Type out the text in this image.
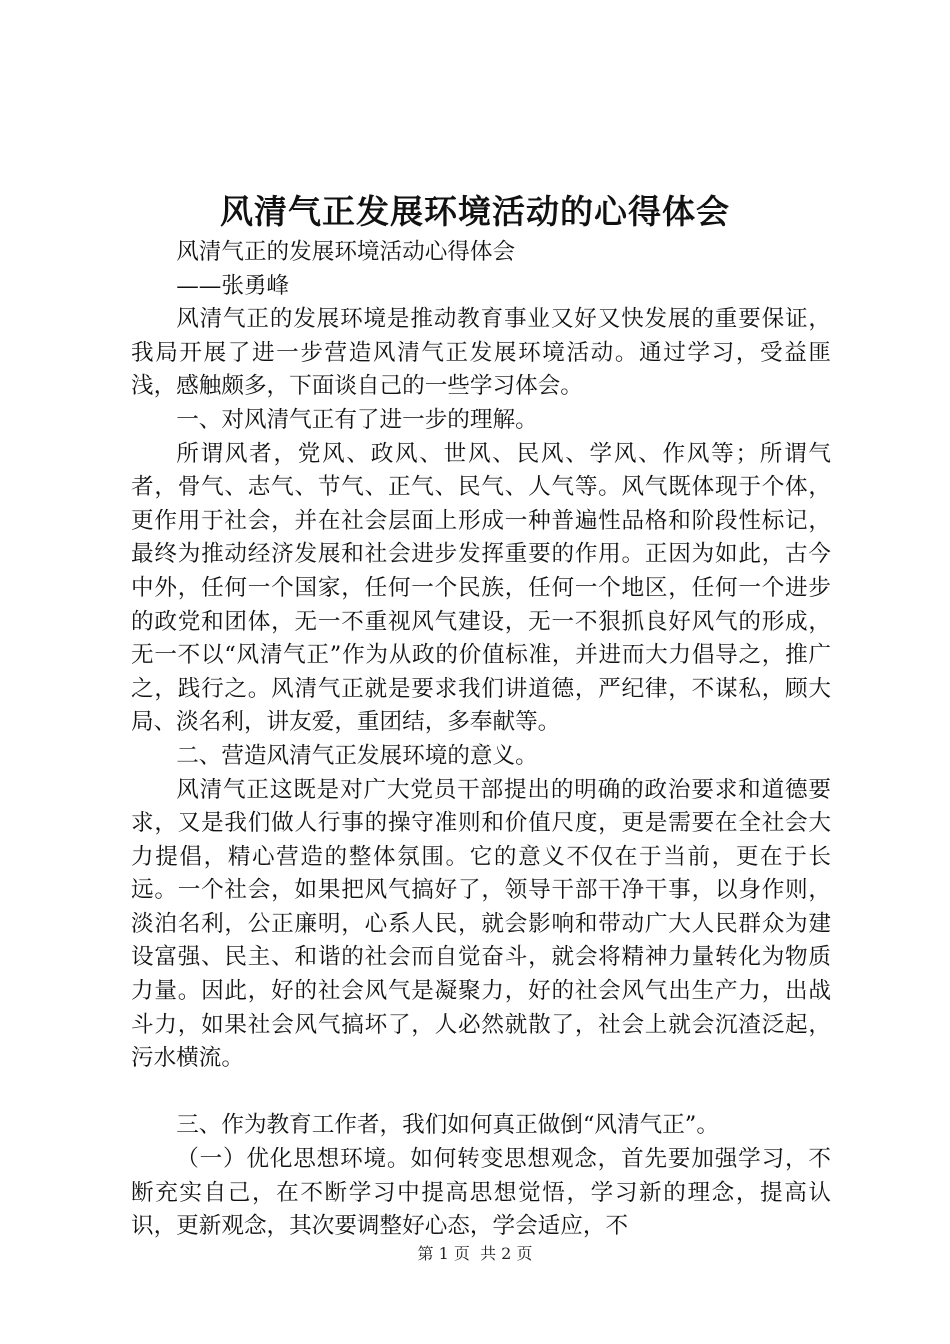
风清气正发展环境活动的心得体会

风清气正的发展环境活动心得体会

——张勇峰

风清气正的发展环境是推动教育事业又好又快发展的重要保证，我局开展了进一步营造风清气正发展环境活动。通过学习，受益匪浅，感触颇多，下面谈自己的一些学习体会。

一、对风清气正有了进一步的理解。

所谓风者，党风、政风、世风、民风、学风、作风等；所谓气者，骨气、志气、节气、正气、民气、人气等。风气既体现于个体，更作用于社会，并在社会层面上形成一种普遍性品格和阶段性标记，最终为推动经济发展和社会进步发挥重要的作用。正因为如此，古今中外，任何一个国家，任何一个民族，任何一个地区，任何一个进步的政党和团体，无一不重视风气建设，无一不狠抓良好风气的形成，无一不以“风清气正”作为从政的价值标准，并进而大力倡导之，推广之，践行之。风清气正就是要求我们讲道德，严纪律，不谋私，顾大局、淡名利，讲友爱，重团结，多奉献等。

二、营造风清气正发展环境的意义。

风清气正这既是对广大党员干部提出的明确的政治要求和道德要求，又是我们做人行事的操守准则和价值尺度，更是需要在全社会大力提倡，精心营造的整体氛围。它的意义不仅在于当前，更在于长远。一个社会，如果把风气搞好了，领导干部干净干事，以身作则，淡泊名利，公正廉明，心系人民，就会影响和带动广大人民群众为建设富强、民主、和谐的社会而自觉奋斗，就会将精神力量转化为物质力量。因此，好的社会风气是凝聚力，好的社会风气出生产力，出战斗力，如果社会风气搞坏了，人必然就散了，社会上就会沉渣泛起，污水横流。

三、作为教育工作者，我们如何真正做倒“风清气正”。

（一）优化思想环境。如何转变思想观念，首先要加强学习，不断充实自己，在不断学习中提高思想觉悟，学习新的理念，提高认识，更新观念，其次要调整好心态，学会适应，不

第 1 页  共 2 页
